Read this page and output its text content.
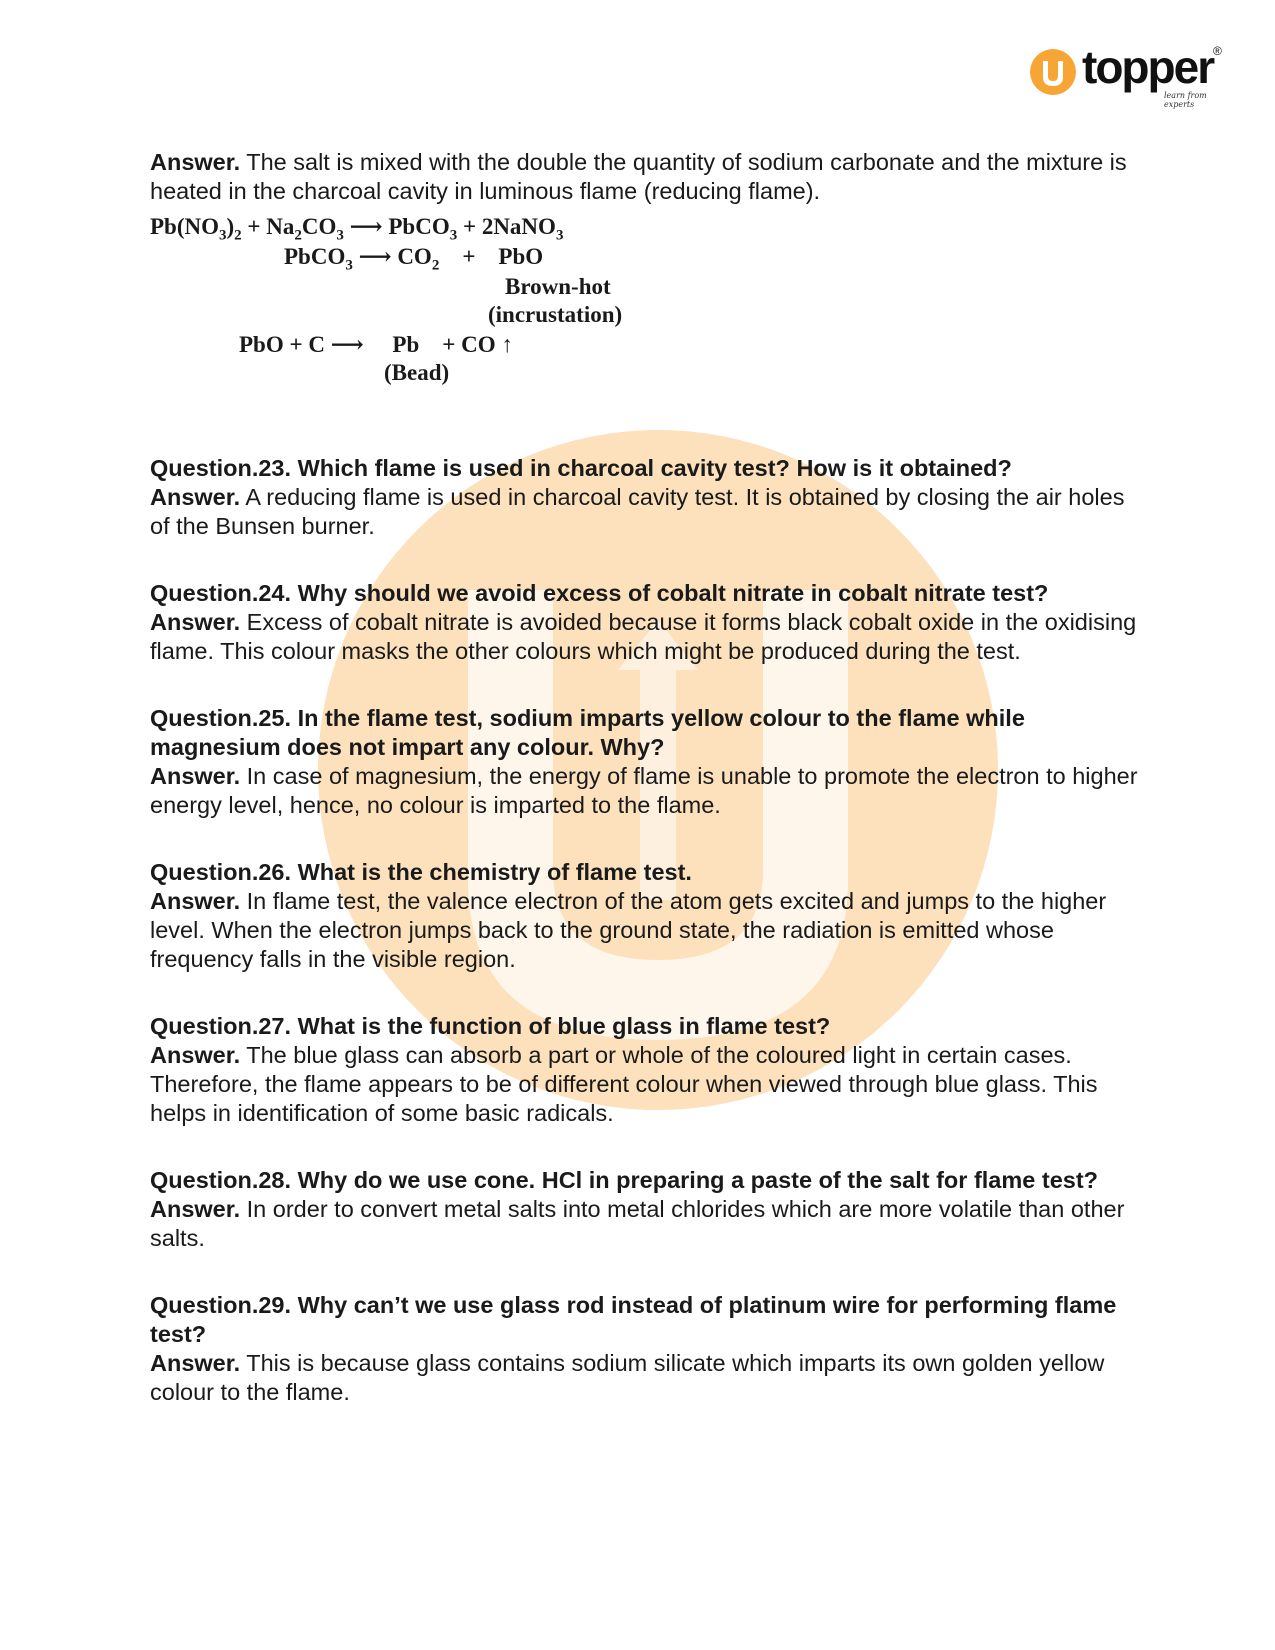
topper ®
learn from experts

Answer. The salt is mixed with the double the quantity of sodium carbonate and the mixture is heated in the charcoal cavity in luminous flame (reducing flame).

$Pb(NO_3)_2 + Na_2CO_3$ ⟶ PbCO$_3$ + 2NaNO$_3$
PbCO$_3$ ⟶ $CO_2$    +    PbO
Brown-hot
(incrustation)
PbO + C ⟶     Pb    + CO ↑
(Bead)

Question.23. Which flame is used in charcoal cavity test? How is it obtained?

Answer. A reducing flame is used in charcoal cavity test. It is obtained by closing the air holes of the Bunsen burner.

Question.24. Why should we avoid excess of cobalt nitrate in cobalt nitrate test?

Answer. Excess of cobalt nitrate is avoided because it forms black cobalt oxide in the oxidising flame. This colour masks the other colours which might be produced during the test.

Question.25. In the flame test, sodium imparts yellow colour to the flame while magnesium does not impart any colour. Why?

Answer. In case of magnesium, the energy of flame is unable to promote the electron to higher energy level, hence, no colour is imparted to the flame.

Question.26. What is the chemistry of flame test.

Answer. In flame test, the valence electron of the atom gets excited and jumps to the higher level. When the electron jumps back to the ground state, the radiation is emitted whose frequency falls in the visible region.

Question.27. What is the function of blue glass in flame test?

Answer. The blue glass can absorb a part or whole of the coloured light in certain cases. Therefore, the flame appears to be of different colour when viewed through blue glass. This helps in identification of some basic radicals.

Question.28. Why do we use cone. HCl in preparing a paste of the salt for flame test?

Answer. In order to convert metal salts into metal chlorides which are more volatile than other salts.

Question.29. Why can’t we use glass rod instead of platinum wire for performing flame test?

Answer. This is because glass contains sodium silicate which imparts its own golden yellow colour to the flame.
